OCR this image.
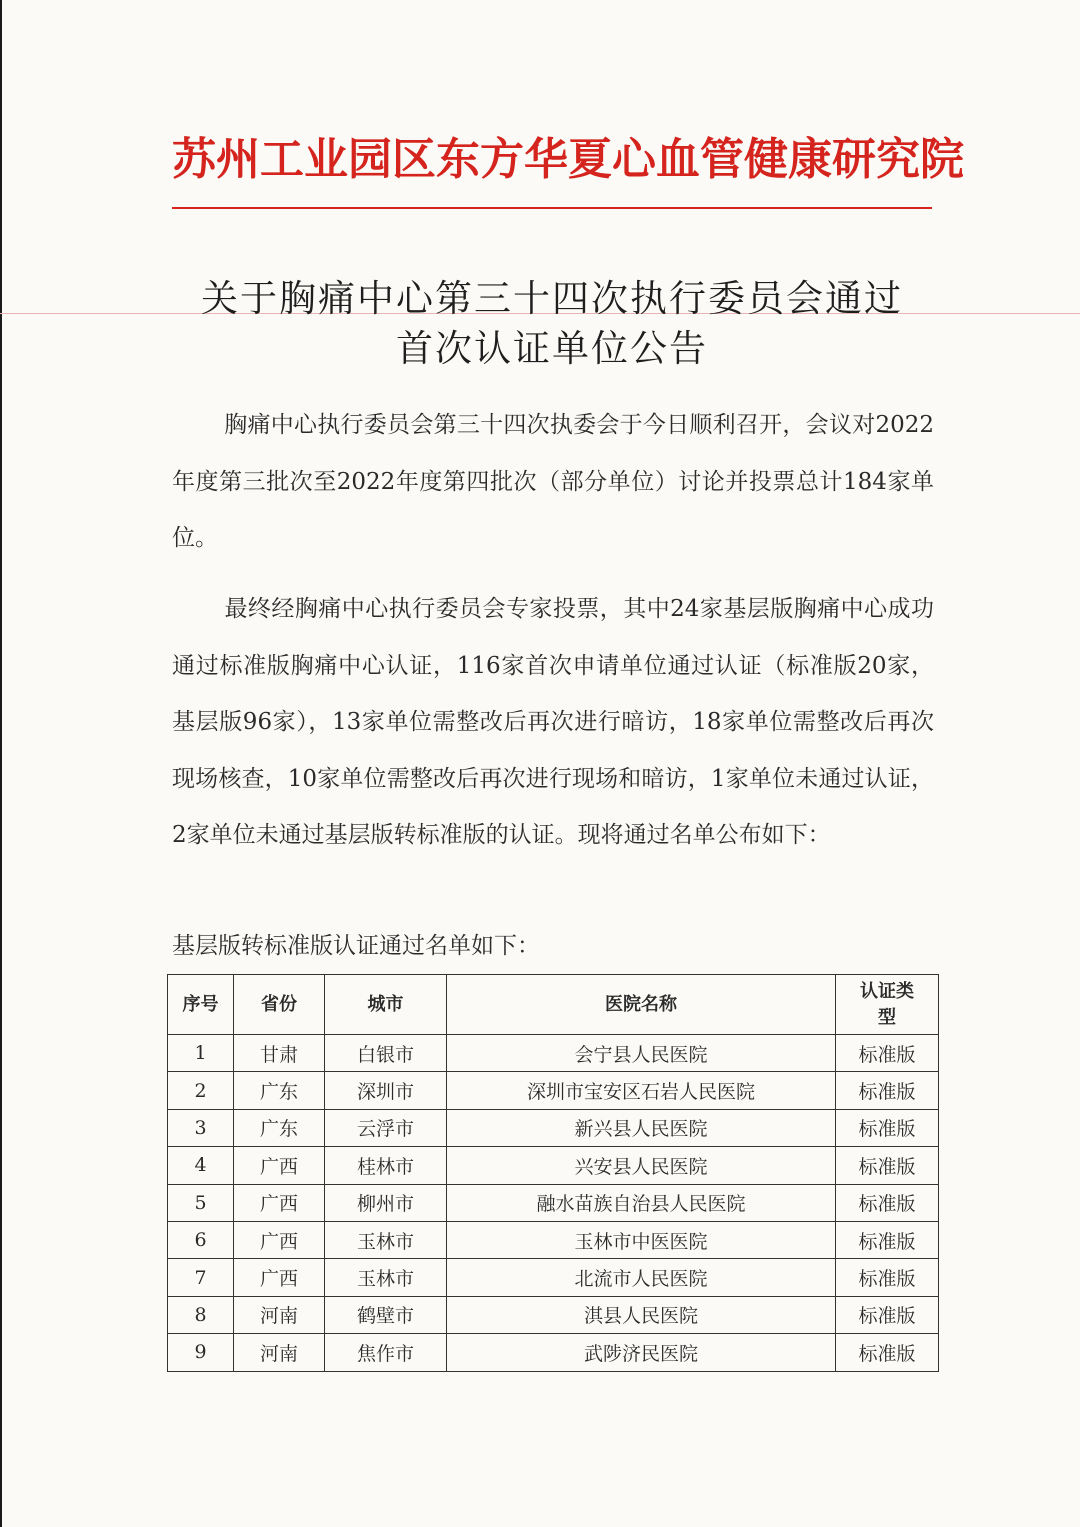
苏州工业园区东方华夏心血管健康研究院
关于胸痛中心第三十四次执行委员会通过
首次认证单位公告
胸痛中心执行委员会第三十四次执委会于今日顺利召开，会议对2022年度第三批次至2022年度第四批次（部分单位）讨论并投票总计184家单位。
最终经胸痛中心执行委员会专家投票，其中24家基层版胸痛中心成功通过标准版胸痛中心认证，116家首次申请单位通过认证（标准版20家，基层版96家），13家单位需整改后再次进行暗访，18家单位需整改后再次现场核查，10家单位需整改后再次进行现场和暗访，1家单位未通过认证，2家单位未通过基层版转标准版的认证。现将通过名单公布如下：
基层版转标准版认证通过名单如下：
序号	省份	城市	医院名称	认证类
型

1	甘肃	白银市	会宁县人民医院	标准版
2	广东	深圳市	深圳市宝安区石岩人民医院	标准版
3	广东	云浮市	新兴县人民医院	标准版
4	广西	桂林市	兴安县人民医院	标准版
5	广西	柳州市	融水苗族自治县人民医院	标准版
6	广西	玉林市	玉林市中医医院	标准版
7	广西	玉林市	北流市人民医院	标准版
8	河南	鹤壁市	淇县人民医院	标准版
9	河南	焦作市	武陟济民医院	标准版
